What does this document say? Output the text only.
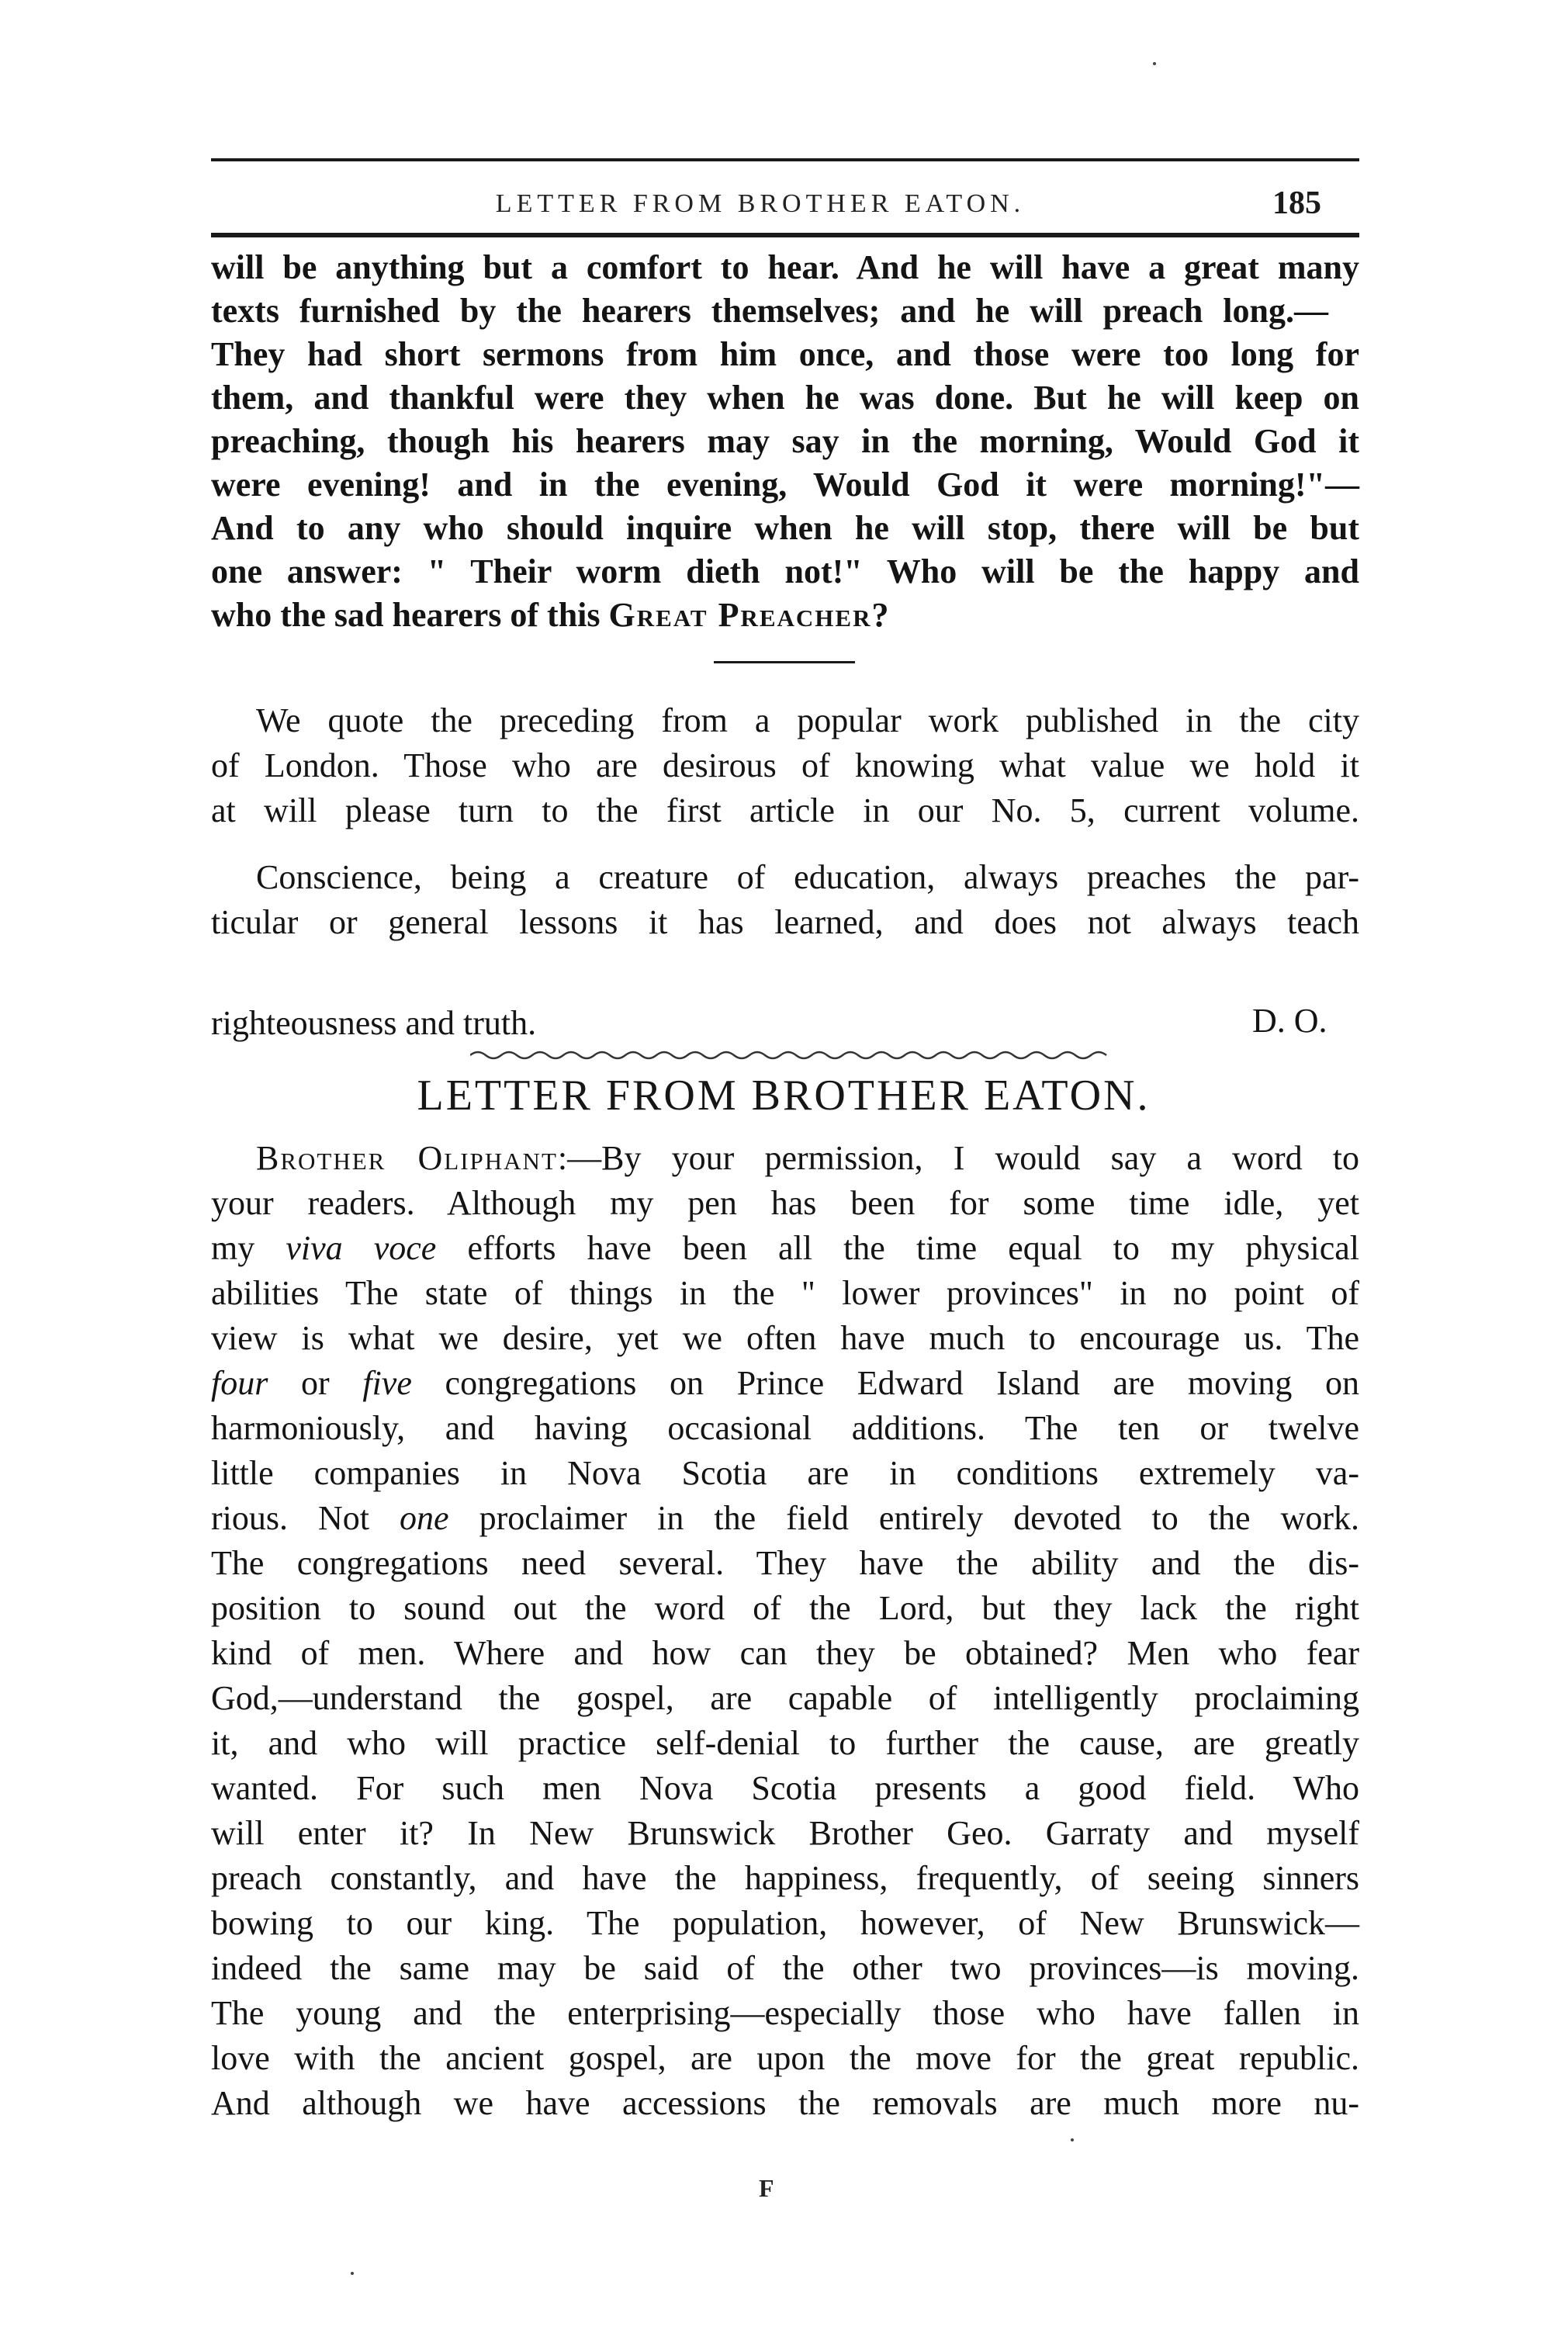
LETTER FROM BROTHER EATON.	185
will be anything but a comfort to hear. And he will have a great many
texts furnished by the hearers themselves; and he will preach long.—
They had short sermons from him once, and those were too long for
them, and thankful were they when he was done. But he will keep on
preaching, though his hearers may say in the morning, Would God it
were evening! and in the evening, Would God it were morning!"—
And to any who should inquire when he will stop, there will be but
one answer: " Their worm dieth not!" Who will be the happy and
who the sad hearers of this Great Preacher?
We quote the preceding from a popular work published in the city
of London. Those who are desirous of knowing what value we hold it
at will please turn to the first article in our No. 5, current volume.
Conscience, being a creature of education, always preaches the par-
ticular or general lessons it has learned, and does not always teach
righteousness and truth.	D. O.
LETTER FROM BROTHER EATON.
Brother Oliphant:—By your permission, I would say a word to
your readers. Although my pen has been for some time idle, yet
my viva voce efforts have been all the time equal to my physical
abilities The state of things in the " lower provinces" in no point of
view is what we desire, yet we often have much to encourage us. The
four or five congregations on Prince Edward Island are moving on
harmoniously, and having occasional additions. The ten or twelve
little companies in Nova Scotia are in conditions extremely va-
rious. Not one proclaimer in the field entirely devoted to the work.
The congregations need several. They have the ability and the dis-
position to sound out the word of the Lord, but they lack the right
kind of men. Where and how can they be obtained? Men who fear
God,—understand the gospel, are capable of intelligently proclaiming
it, and who will practice self-denial to further the cause, are greatly
wanted. For such men Nova Scotia presents a good field. Who
will enter it? In New Brunswick Brother Geo. Garraty and myself
preach constantly, and have the happiness, frequently, of seeing sinners
bowing to our king. The population, however, of New Brunswick—
indeed the same may be said of the other two provinces—is moving.
The young and the enterprising—especially those who have fallen in
love with the ancient gospel, are upon the move for the great republic.
And although we have accessions the removals are much more nu-
F
